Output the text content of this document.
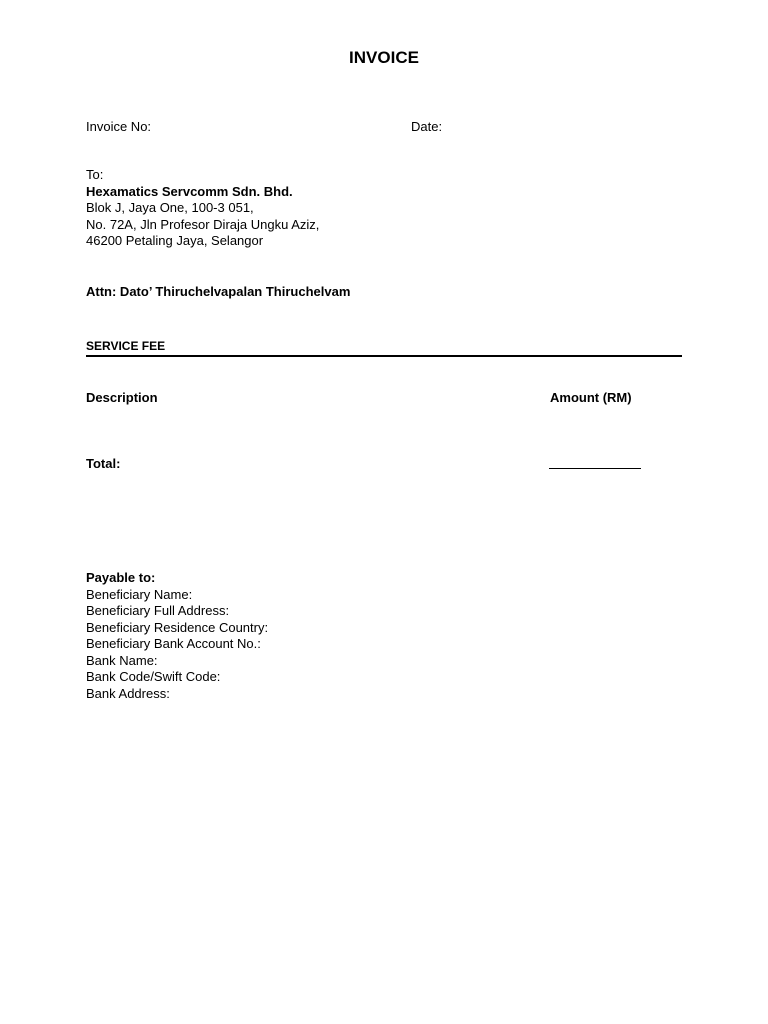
INVOICE
Invoice No:	Date:
To:
Hexamatics Servcomm Sdn. Bhd.
Blok J, Jaya One, 100-3 051,
No. 72A, Jln Profesor Diraja Ungku Aziz,
46200 Petaling Jaya, Selangor
Attn: Dato’ Thiruchelvapalan Thiruchelvam
SERVICE FEE
Description	Amount (RM)
Total:
Payable to:
Beneficiary Name:
Beneficiary Full Address:
Beneficiary Residence Country:
Beneficiary Bank Account No.:
Bank Name:
Bank Code/Swift Code:
Bank Address:
